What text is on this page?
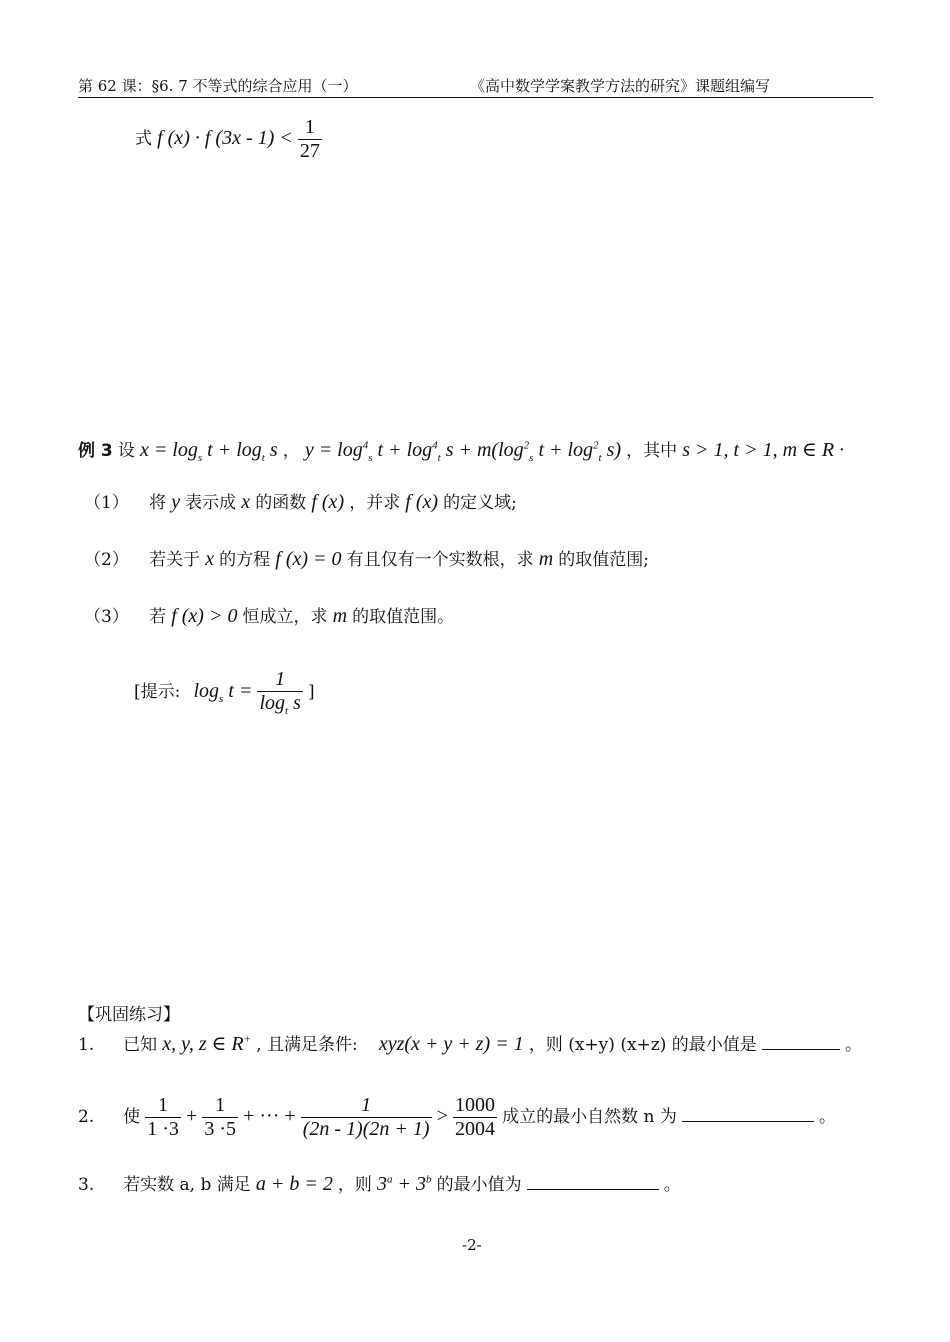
第 62 课：§6. 7 不等式的综合应用（一）	《高中数学学案教学方法的研究》课题组编写
式 f (x) · f $(3x - 1) < \frac{1}{27}$
例 3 设 $x = \log_s t + \log_t s$ ， $y = \log^4_s t + \log^4_t s + m(\log^2_s$ $t + \log^2_t s$) ，其中 s > 1, t > 1, m ∈ R ·
（1） 将 y 表示成 x 的函数 f (x) ，并求 f (x) 的定义域;
（2） 若关于 x 的方程 f (x) = 0 有且仅有一个实数根，求 m 的取值范围;
（3） 若 f (x) > 0 恒成立，求 m 的取值范围。
[提示: $\log_s t = \frac{1}{\log_t s}$ ]
【巩固练习】
1. 已知 x, y, z ∈ R+ , 且满足条件: xyz(x + y + z) = 1 ，则 (x+y) (x+z) 的最小值是	。
2. 使 $\frac{1}{1 \cdot 3} + \frac{1}{3 \cdot 5}$ + ··· + $\frac{1}{(2n - 1)(2n + 1)} > \frac{1000}{2004}$ 成立的最小自然数 n 为	。
3. 若实数 a, b 满足 a + b = 2 ，则 $3^a + 3^b$ 的最小值为	。
-2-
